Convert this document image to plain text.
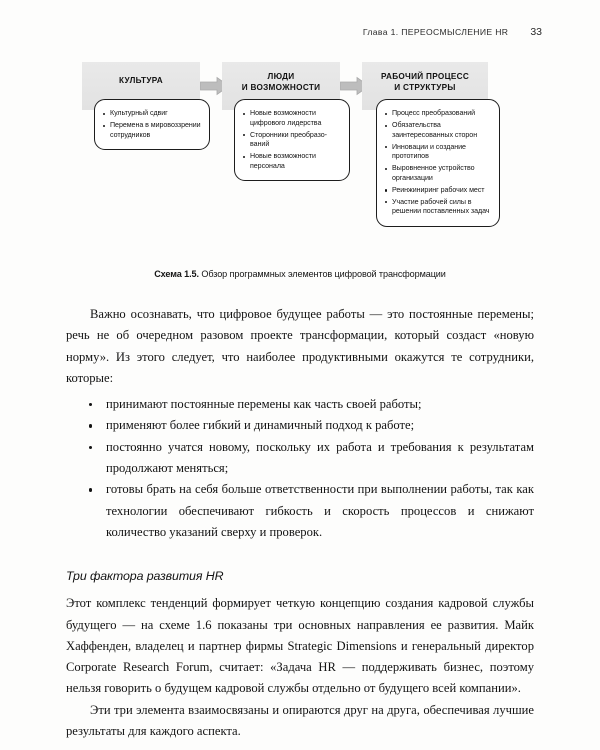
Глава 1. ПЕРЕОСМЫСЛЕНИЕ HR 33
КУЛЬТУРА
Культурный сдвиг
Перемена в мировоззрении сотрудников
ЛЮДИ
И ВОЗМОЖНОСТИ
Новые возможности цифрового лидерства
Сторонники преобразований
Новые возможности персонала
РАБОЧИЙ ПРОЦЕСС
И СТРУКТУРЫ
Процесс преобразований
Обязательства заинтересованных сторон
Инновации и создание прототипов
Выровненное устройство организации
Реинжиниринг рабочих мест
Участие рабочей силы в решении поставленных задач
Схема 1.5. Обзор программных элементов цифровой трансформации

Важно осознавать, что цифровое будущее работы — это постоянные перемены; речь не об очередном разовом проекте трансформации, который создаст «новую норму». Из этого следует, что наиболее продуктивными окажутся те сотрудники, которые:

принимают постоянные перемены как часть своей работы;
применяют более гибкий и динамичный подход к работе;
постоянно учатся новому, поскольку их работа и требования к результатам продолжают меняться;
готовы брать на себя больше ответственности при выполнении работы, так как технологии обеспечивают гибкость и скорость процессов и снижают количество указаний сверху и проверок.
Три фактора развития HR

Этот комплекс тенденций формирует четкую концепцию создания кадровой службы будущего — на схеме 1.6 показаны три основных направления ее развития. Майк Хаффенден, владелец и партнер фирмы Strategic Dimensions и генеральный директор Corporate Research Forum, считает: «Задача HR — поддерживать бизнес, поэтому нельзя говорить о будущем кадровой службы отдельно от будущего всей компании».

Эти три элемента взаимосвязаны и опираются друг на друга, обеспечивая лучшие результаты для каждого аспекта.
